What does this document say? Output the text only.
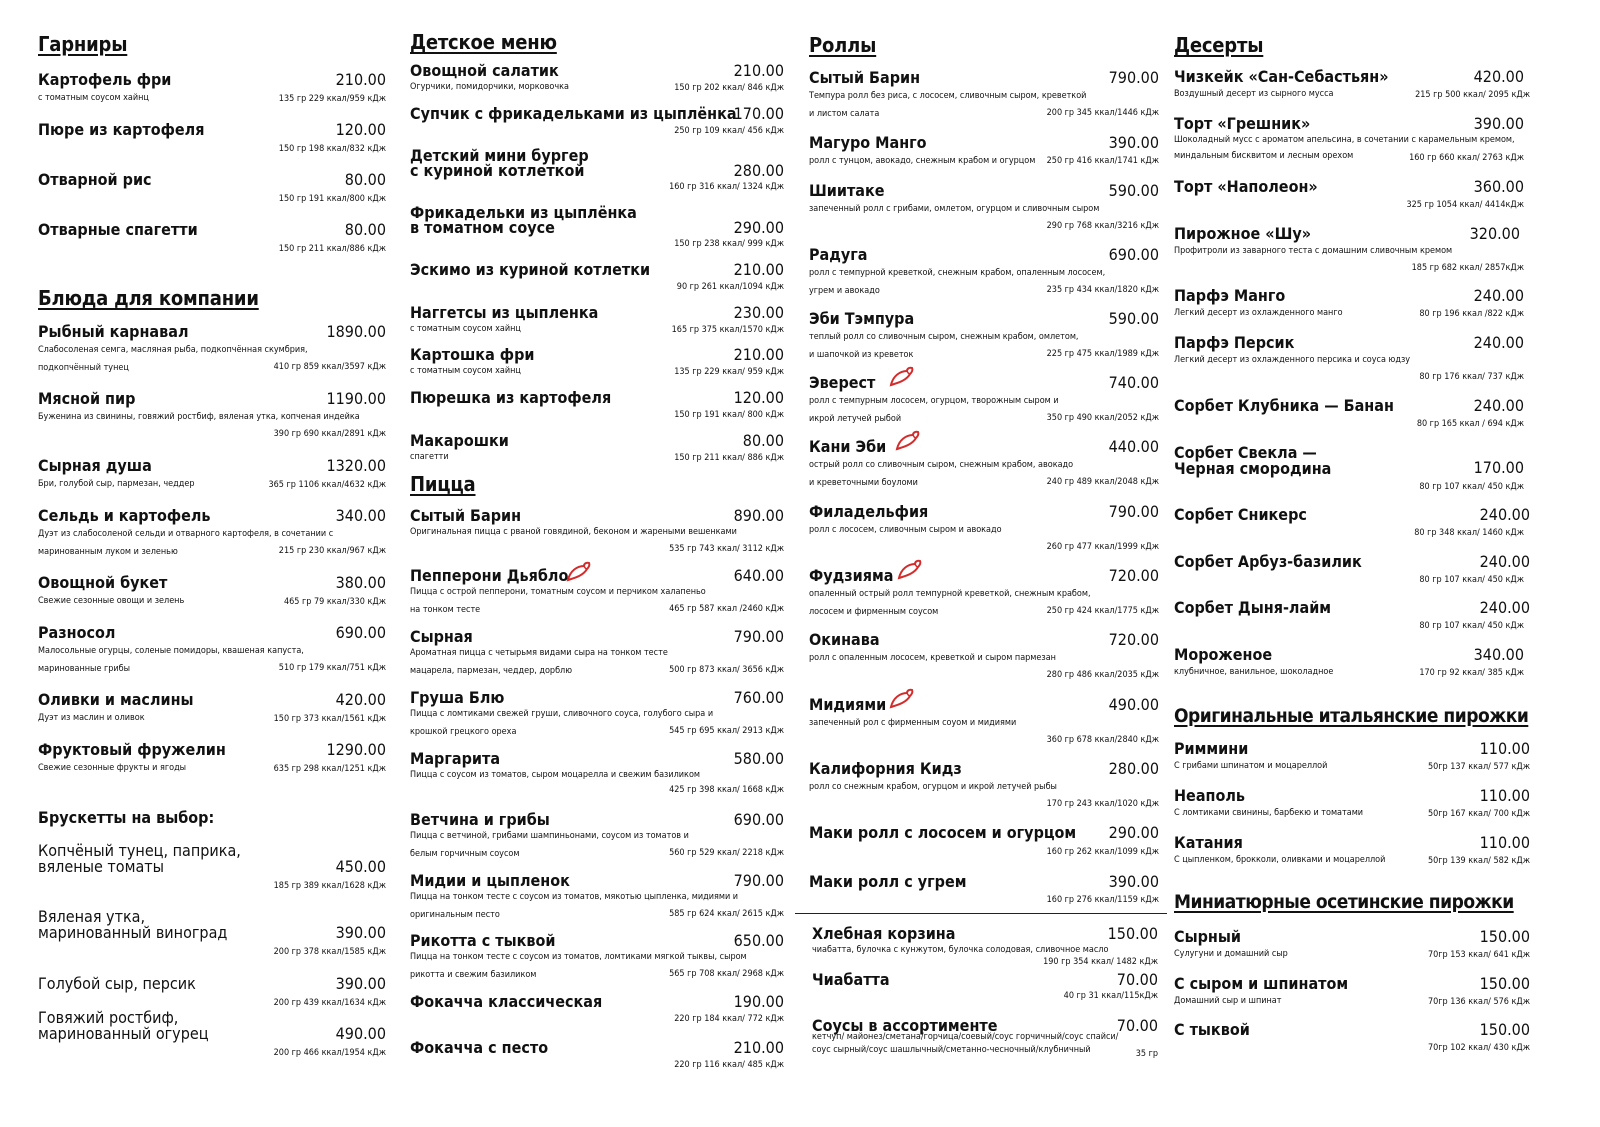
Гарниры
Картофель фри	210.00
с томатным соусом хайнц	135 гр 229 ккал/959 кДж
Пюре из картофеля	120.00
150 гр 198 ккал/832 кДж
Отварной рис	80.00
150 гр 191 ккал/800 кДж
Отварные спагетти	80.00
150 гр 211 ккал/886 кДж
Блюда для компании
Рыбный карнавал	1890.00
Слабосоленая семга, масляная рыба, подкопчённая скумбрия,
подкопчённый тунец	410 гр 859 ккал/3597 кДж
Мясной пир	1190.00
Буженина из свинины, говяжий ростбиф, вяленая утка, копченая индейка
390 гр 690 ккал/2891 кДж
Сырная душа	1320.00
Бри, голубой сыр, пармезан, чеддер	365 гр 1106 ккал/4632 кДж
Сельдь и картофель	340.00
Дуэт из слабосоленой сельди и отварного картофеля, в сочетании с
маринованным луком и зеленью	215 гр 230 ккал/967 кДж
Овощной букет	380.00
Свежие сезонные овощи и зелень	465 гр 79 ккал/330 кДж
Разносол	690.00
Малосольные огурцы, соленые помидоры, квашеная капуста,
маринованные грибы	510 гр 179 ккал/751 кДж
Оливки и маслины	420.00
Дуэт из маслин и оливок	150 гр 373 ккал/1561 кДж
Фруктовый фружелин	1290.00
Свежие сезонные фрукты и ягоды	635 гр 298 ккал/1251 кДж
Брускетты на выбор:
Копчёный тунец, паприка,
вяленые томаты	450.00
185 гр 389 ккал/1628 кДж
Вяленая утка,
маринованный виноград	390.00
200 гр 378 ккал/1585 кДж
Голубой сыр, персик	390.00
200 гр 439 ккал/1634 кДж
Говяжий ростбиф,
маринованный огурец	490.00
200 гр 466 ккал/1954 кДж
Детское меню
Овощной салатик	210.00
Огурчики, помидорчики, морковочка	150 гр 202 ккал/ 846 кДж
Супчик с фрикадельками из цыплёнка
170.00
250 гр 109 ккал/ 456 кДж
Детский мини бургер
с куриной котлеткой	280.00
160 гр 316 ккал/ 1324 кДж
Фрикадельки из цыплёнка
в томатном соусе	290.00
150 гр 238 ккал/ 999 кДж
Эскимо из куриной котлетки	210.00
90 гр 261 ккал/1094 кДж
Наггетсы из цыпленка	230.00
с томатным соусом хайнц	165 гр 375 ккал/1570 кДж
Картошка фри	210.00
с томатным соусом хайнц	135 гр 229 ккал/ 959 кДж
Пюрешка из картофеля	120.00
150 гр 191 ккал/ 800 кДж
Макарошки	80.00
спагетти	150 гр 211 ккал/ 886 кДж
Пицца
Сытый Барин	890.00
Оригинальная пицца с рваной говядиной, беконом и жареными вешенками
535 гр 743 ккал/ 3112 кДж
Пепперони Дьябло	640.00
Пицца с острой пепперони, томатным соусом и перчиком халапеньо
на тонком тесте	465 гр 587 ккал /2460 кДж
Сырная	790.00
Ароматная пицца с четырьмя видами сыра на тонком тесте
мацарела, пармезан, чеддер, дорблю	500 гр 873 ккал/ 3656 кДж
Груша Блю	760.00
Пицца с ломтиками свежей груши, сливочного соуса, голубого сыра и
крошкой грецкого ореха	545 гр 695 ккал/ 2913 кДж
Маргарита	580.00
Пицца с соусом из томатов, сыром моцарелла и свежим базиликом
425 гр 398 ккал/ 1668 кДж
Ветчина и грибы	690.00
Пицца с ветчиной, грибами шампиньонами, соусом из томатов и
белым горчичным соусом	560 гр 529 ккал/ 2218 кДж
Мидии и цыпленок	790.00
Пицца на тонком тесте с соусом из томатов, мякотью цыпленка, мидиями и
оригинальным песто	585 гр 624 ккал/ 2615 кДж
Рикотта с тыквой	650.00
Пицца на тонком тесте с соусом из томатов, ломтиками мягкой тыквы, сыром
рикотта и свежим базиликом	565 гр 708 ккал/ 2968 кДж
Фокачча классическая	190.00
220 гр 184 ккал/ 772 кДж
Фокачча с песто	210.00
220 гр 116 ккал/ 485 кДж
Роллы
Сытый Барин	790.00
Темпура ролл без риса, с лососем, сливочным сыром, креветкой
и листом салата	200 гр 345 ккал/1446 кДж
Магуро Манго	390.00
ролл с тунцом, авокадо, снежным крабом и огурцом 250 гр 416 ккал/1741 кДж
Шиитаке	590.00
запеченный ролл с грибами, омлетом, огурцом и сливочным сыром
290 гр 768 ккал/3216 кДж
Радуга	690.00
ролл с темпурной креветкой, снежным крабом, опаленным лососем,
угрем и авокадо	235 гр 434 ккал/1820 кДж
Эби Тэмпура	590.00
теплый ролл со сливочным сыром, снежным крабом, омлетом,
и шапочкой из креветок	225 гр 475 ккал/1989 кДж
Эверест	740.00
ролл с темпурным лососем, огурцом, творожным сыром и
икрой летучей рыбой	350 гр 490 ккал/2052 кДж
Кани Эби	440.00
острый ролл со сливочным сыром, снежным крабом, авокадо
и креветочными боуломи	240 гр 489 ккал/2048 кДж
Филадельфия	790.00
ролл с лососем, сливочным сыром и авокадо
260 гр 477 ккал/1999 кДж
Фудзияма	720.00
опаленный острый ролл темпурной креветкой, снежным крабом,
лососем и фирменным соусом	250 гр 424 ккал/1775 кДж
Окинава	720.00
ролл с опаленным лососем, креветкой и сыром пармезан
280 гр 486 ккал/2035 кДж
Мидиями	490.00
запеченный рол с фирменным соуом и мидиями
360 гр 678 ккал/2840 кДж
Калифорния Кидз	280.00
ролл со снежным крабом, огурцом и икрой летучей рыбы
170 гр 243 ккал/1020 кДж
Маки ролл с лососем и огурцом 290.00
160 гр 262 ккал/1099 кДж
Маки ролл с угрем	390.00
160 гр 276 ккал/1159 кДж
Хлебная корзина	150.00
чиабатта, булочка с кунжутом, булочка солодовая, сливочное масло
190 гр 354 ккал/ 1482 кДж
Чиабатта	70.00
40 гр 31 ккал/115кДж
Соусы в ассортименте	70.00
кетчуп/ майонез/сметана/горчица/соевый/соус горчичный/соус спайси/
соус сырный/соус шашлычный/сметанно-чесночный/клубничный	35 гр
Десерты
Чизкейк «Сан-Себастьян»	420.00
Воздушный десерт из сырного мусса	215 гр 500 ккал/ 2095 кДж
Торт «Грешник»	390.00
Шоколадный мусс с ароматом апельсина, в сочетании с карамельным кремом,
миндальным бисквитом и лесным орехом	160 гр 660 ккал/ 2763 кДж
Торт «Наполеон»	360.00
325 гр 1054 ккал/ 4414кДж
Пирожное «Шу»	320.00
Профитроли из заварного теста с домашним сливочным кремом
185 гр 682 ккал/ 2857кДж
Парфэ Манго	240.00
Легкий десерт из охлажденного манго	80 гр 196 ккал /822 кДж
Парфэ Персик	240.00
Легкий десерт из охлажденного персика и соуса юдзу
80 гр 176 ккал/ 737 кДж
Сорбет Клубника — Банан	240.00
80 гр 165 ккал / 694 кДж
Сорбет Свекла —
Черная смородина	170.00
80 гр 107 ккал/ 450 кДж
Сорбет Сникерс	240.00
80 гр 348 ккал/ 1460 кДж
Сорбет Арбуз-базилик	240.00
80 гр 107 ккал/ 450 кДж
Сорбет Дыня-лайм	240.00
80 гр 107 ккал/ 450 кДж
Мороженое	340.00
клубничное, ванильное, шоколадное	170 гр 92 ккал/ 385 кДж
Оригинальные итальянские пирожки
Риммини	110.00
С грибами шпинатом и моцареллой	50гр 137 ккал/ 577 кДж
Неаполь	110.00
С ломтиками свинины, барбекю и томатами	50гр 167 ккал/ 700 кДж
Катания	110.00
С цыпленком, брокколи, оливками и моцареллой	50гр 139 ккал/ 582 кДж
Миниатюрные осетинские пирожки
Сырный	150.00
Сулугуни и домашний сыр	70гр 153 ккал/ 641 кДж
С сыром и шпинатом	150.00
Домашний сыр и шпинат	70гр 136 ккал/ 576 кДж
С тыквой	150.00
70гр 102 ккал/ 430 кДж
